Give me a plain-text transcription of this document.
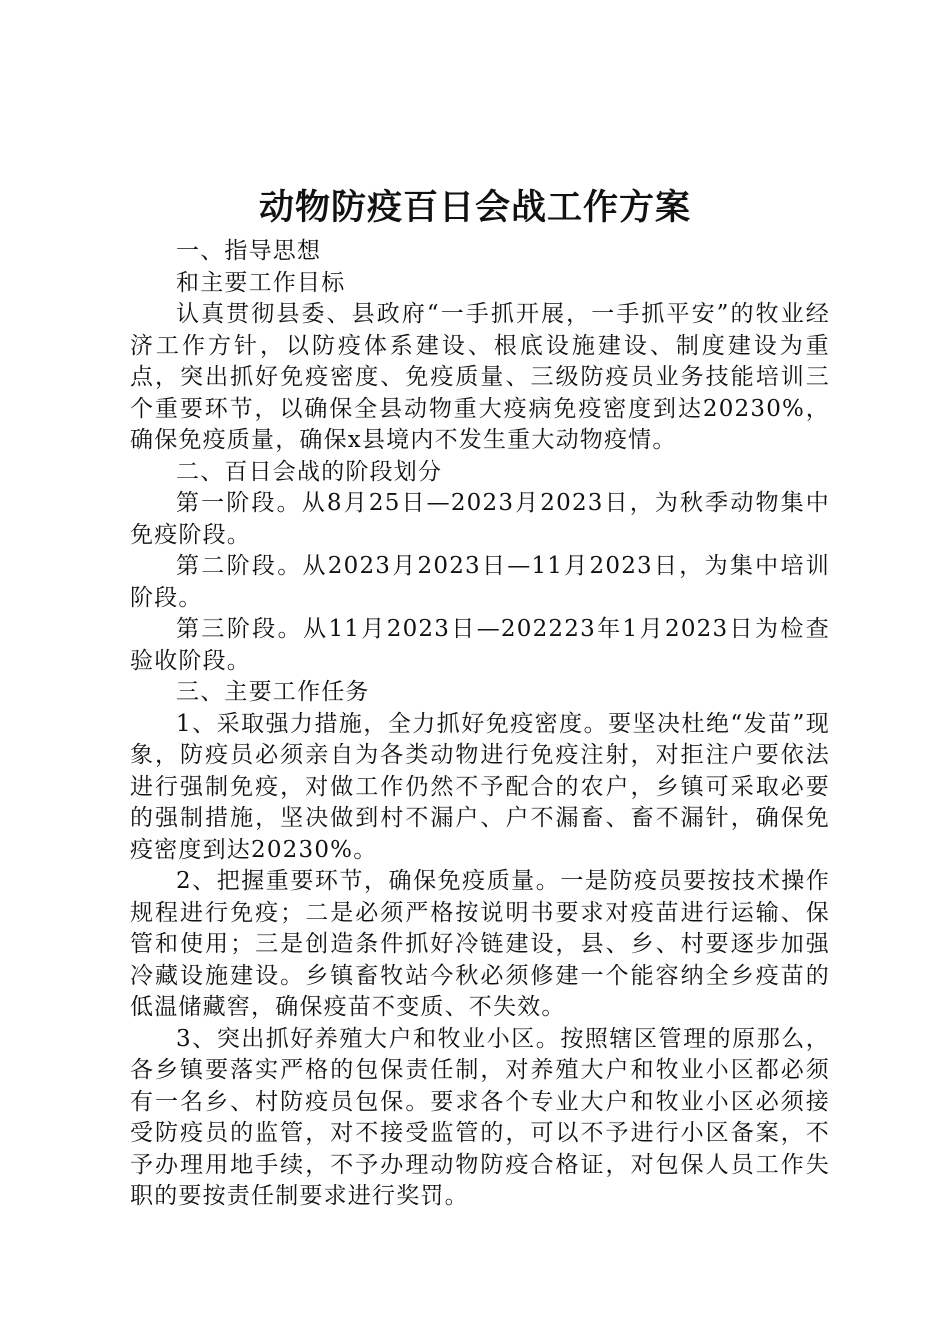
动物防疫百日会战工作方案

一、指导思想

和主要工作目标

认真贯彻县委、县政府“一手抓开展，一手抓平安”的牧业经济工作方针，以防疫体系建设、根底设施建设、制度建设为重点，突出抓好免疫密度、免疫质量、三级防疫员业务技能培训三个重要环节，以确保全县动物重大疫病免疫密度到达20230%，确保免疫质量，确保x县境内不发生重大动物疫情。

二、百日会战的阶段划分

第一阶段。从8月25日—2023月2023日，为秋季动物集中免疫阶段。

第二阶段。从2023月2023日—11月2023日，为集中培训阶段。

第三阶段。从11月2023日—202223年1月2023日为检查验收阶段。

三、主要工作任务

1、采取强力措施，全力抓好免疫密度。要坚决杜绝“发苗”现象，防疫员必须亲自为各类动物进行免疫注射，对拒注户要依法进行强制免疫，对做工作仍然不予配合的农户，乡镇可采取必要的强制措施，坚决做到村不漏户、户不漏畜、畜不漏针，确保免疫密度到达20230%。

2、把握重要环节，确保免疫质量。一是防疫员要按技术操作规程进行免疫；二是必须严格按说明书要求对疫苗进行运输、保管和使用；三是创造条件抓好冷链建设，县、乡、村要逐步加强冷藏设施建设。乡镇畜牧站今秋必须修建一个能容纳全乡疫苗的低温储藏窖，确保疫苗不变质、不失效。

3、突出抓好养殖大户和牧业小区。按照辖区管理的原那么，各乡镇要落实严格的包保责任制，对养殖大户和牧业小区都必须有一名乡、村防疫员包保。要求各个专业大户和牧业小区必须接受防疫员的监管，对不接受监管的，可以不予进行小区备案，不予办理用地手续，不予办理动物防疫合格证，对包保人员工作失职的要按责任制要求进行奖罚。
